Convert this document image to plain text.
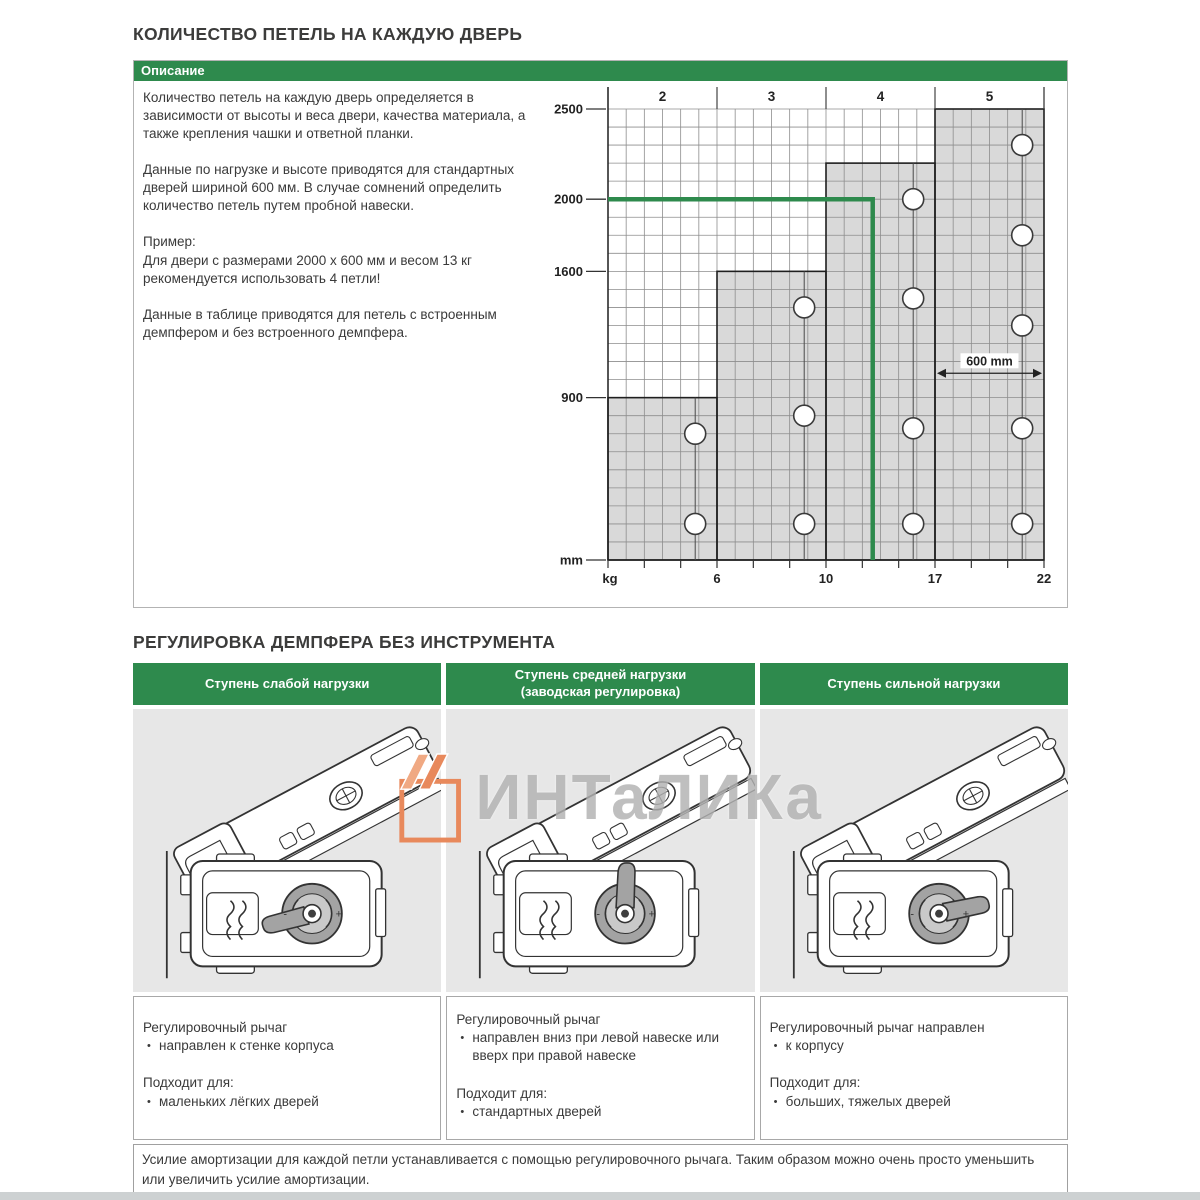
КОЛИЧЕСТВО ПЕТЕЛЬ НА КАЖДУЮ ДВЕРЬ
Описание

Количество петель на каждую дверь определяется в зависимости от высоты и веса двери, качества материала, а также крепления чашки и ответной планки.

Данные по нагрузке и высоте приводятся для стандартных дверей шириной 600 мм. В случае сомнений определить количество петель путем пробной навески.

Пример:

Для двери с размерами 2000 x 600 мм и весом 13 кг рекомендуется использовать 4 петли!

Данные в таблице приводятся для петель с встроенным демпфером и без встроенного демпфера.

2	3	4	5
2500
2000
1600
900
mm
kg	6	10	17	22
600 mm
РЕГУЛИРОВКА ДЕМПФЕРА БЕЗ ИНСТРУМЕНТА
Ступень слабой нагрузки
Ступень средней нагрузки
(заводская регулировка)
Ступень сильной нагрузки
-	+	-	+	-	+
Регулировочный рычаг
• направлен к стенке корпуса
Подходит для:
• маленьких лёгких дверей
Регулировочный рычаг
• направлен вниз при левой навеске или вверх при правой навеске
Подходит для:
• стандартных дверей
Регулировочный рычаг направлен
• к корпусу
Подходит для:
• больших, тяжелых дверей
Усилие амортизации для каждой петли устанавливается с помощью регулировочного рычага. Таким образом можно очень просто уменьшить или увеличить усилие амортизации.
ИНТаЛИКа
